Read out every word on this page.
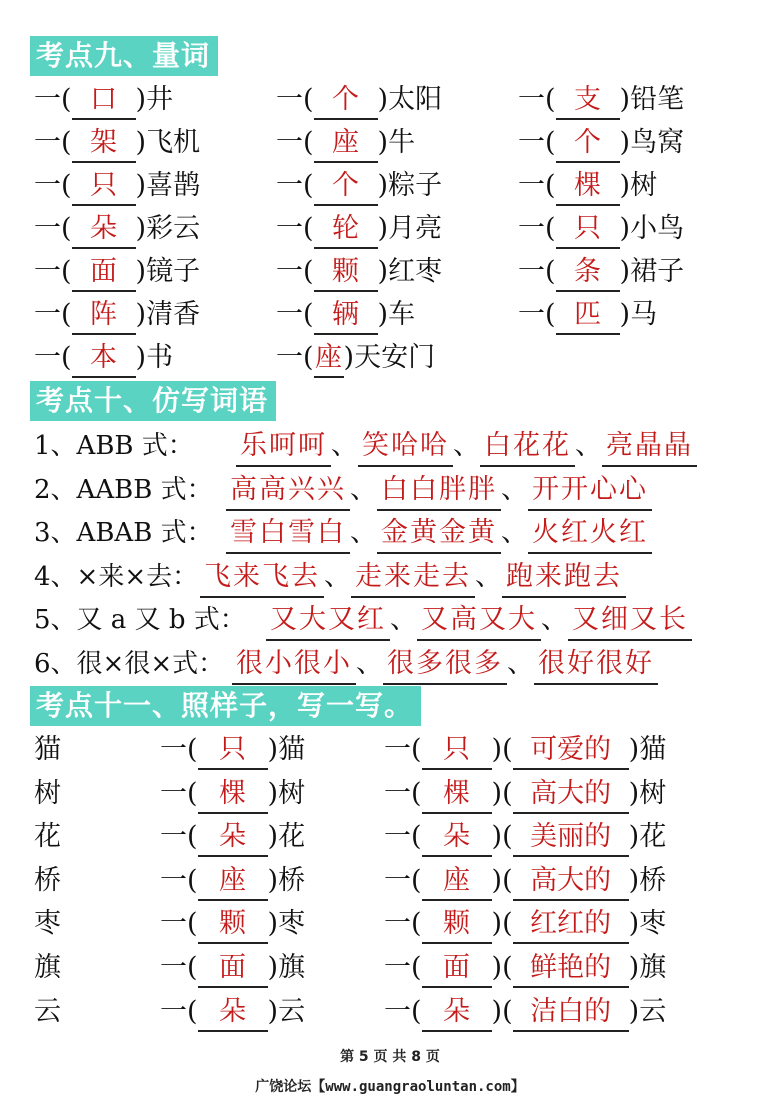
考点九、量词
一( 口 )井	一( 个 )太阳	一( 支 )铅笔
一( 架 )飞机	一( 座 )牛	一( 个 )鸟窝
一( 只 )喜鹊	一( 个 )粽子	一( 棵 )树
一( 朵 )彩云	一( 轮 )月亮	一( 只 )小鸟
一( 面 )镜子	一( 颗 )红枣	一( 条 )裙子
一( 阵 )清香	一( 辆 )车	一( 匹 )马
一( 本 )书	一(座)天安门
考点十、仿写词语
1、ABB 式： 乐呵呵 、 笑哈哈 、 白花花 、 亮晶晶
2、AABB 式： 高高兴兴 、 白白胖胖 、 开开心心
3、ABAB 式： 雪白雪白 、 金黄金黄 、 火红火红
4、×来×去： 飞来飞去 、 走来走去 、 跑来跑去
5、又 a 又 b 式： 又大又红 、 又高又大 、 又细又长
6、很×很×式： 很小很小 、 很多很多 、 很好很好
考点十一、照样子，写一写。
猫	一( 只 )猫	一( 只 )( 可爱的 )猫
树	一( 棵 )树	一( 棵 )( 高大的 )树
花	一( 朵 )花	一( 朵 )( 美丽的 )花
桥	一( 座 )桥	一( 座 )( 高大的 )桥
枣	一( 颗 )枣	一( 颗 )( 红红的 )枣
旗	一( 面 )旗	一( 面 )( 鲜艳的 )旗
云	一( 朵 )云	一( 朵 )( 洁白的 )云
第 5 页 共 8 页
广饶论坛【www.guangraoluntan.com】
